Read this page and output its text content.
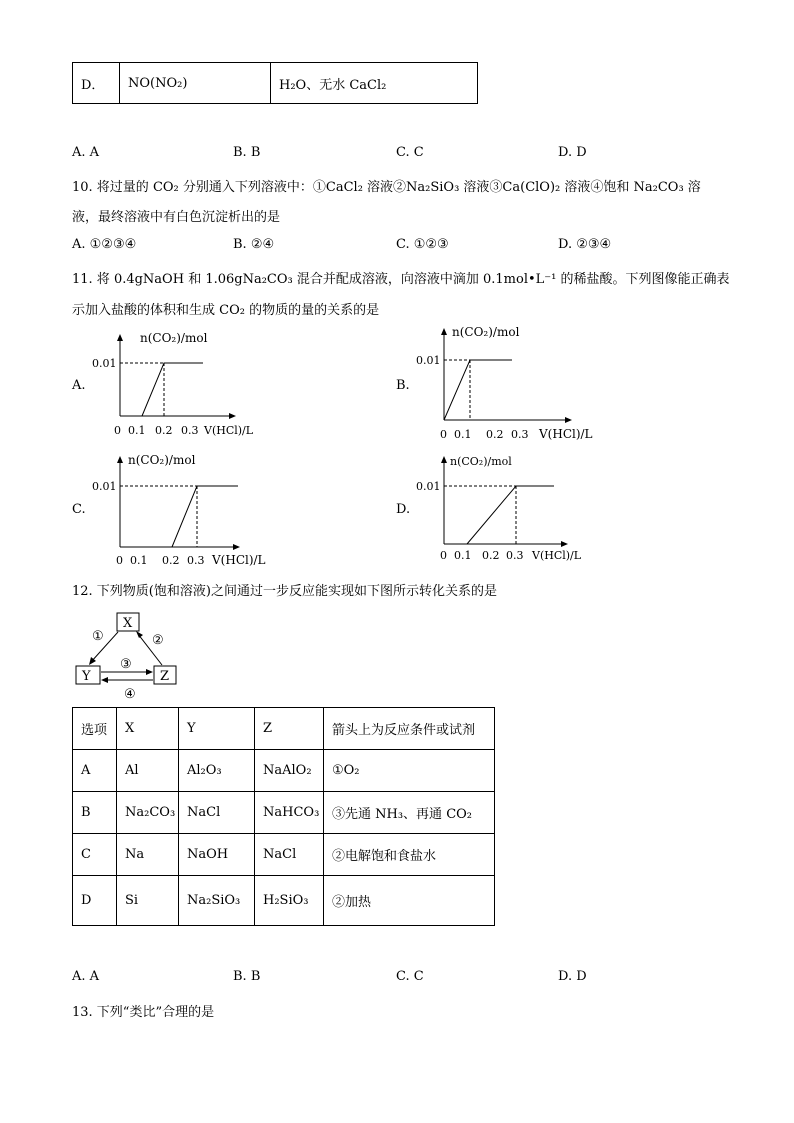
D．	NO(NO₂)	H₂O、无水 CaCl₂
A. A	B. B	C. C	D. D
10. 将过量的 CO₂ 分别通入下列溶液中：①CaCl₂ 溶液②Na₂SiO₃ 溶液③Ca(ClO)₂ 溶液④饱和 Na₂CO₃ 溶
液，最终溶液中有白色沉淀析出的是
A. ①②③④	B. ②④	C. ①②③	D. ②③④
11. 将 0.4gNaOH 和 1.06gNa₂CO₃ 混合并配成溶液，向溶液中滴加 0.1mol•L⁻¹ 的稀盐酸。下列图像能正确表
示加入盐酸的体积和生成 CO₂ 的物质的量的关系的是
A.
n(CO₂)/mol
0.01
0 0.1 0.2 0.3 V(HCl)/L
B.
n(CO₂)/mol
0.01
0 0.1 0.2 0.3 V(HCl)/L
C.
n(CO₂)/mol
0.01
0 0.1 0.2 0.3 V(HCl)/L
D.
n(CO₂)/mol
0.01
0 0.1 0.2 0.3 V(HCl)/L
12. 下列物质(饱和溶液)之间通过一步反应能实现如下图所示转化关系的是
X
Y	Z
①	②
③
④
选项	X	Y	Z	箭头上为反应条件或试剂
A	Al	Al₂O₃	NaAlO₂	①O₂
B	Na₂CO₃	NaCl	NaHCO₃	③先通 NH₃、再通 CO₂
C	Na	NaOH	NaCl	②电解饱和食盐水
D	Si	Na₂SiO₃	H₂SiO₃	②加热
A. A	B. B	C. C	D. D
13. 下列“类比”合理的是
